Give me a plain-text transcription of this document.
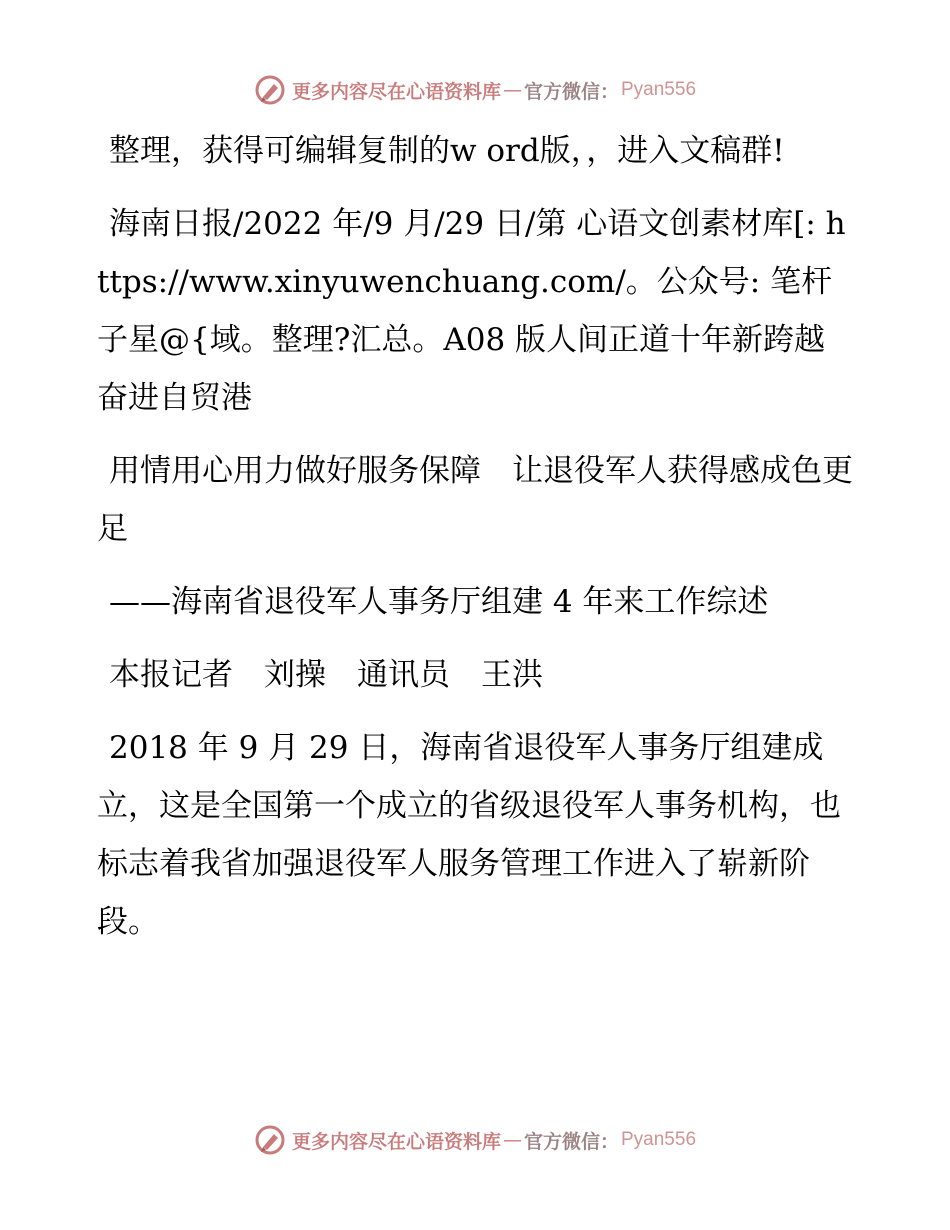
更多内容尽在心语资料库 — 官方微信： Pyan556

整理，获得可编辑复制的w ord版，，进入文稿群!

海南日报/2022 年/9 月/29 日/第 心语文创素材库[: https://www.xinyuwenchuang.com/。公众号: 笔杆子星@{域。整理?汇总。A08 版人间正道十年新跨越 奋进自贸港

用情用心用力做好服务保障　让退役军人获得感成色更足

——海南省退役军人事务厅组建 4 年来工作综述

本报记者　刘操　通讯员　王洪

2018 年 9 月 29 日，海南省退役军人事务厅组建成立，这是全国第一个成立的省级退役军人事务机构，也标志着我省加强退役军人服务管理工作进入了崭新阶段。

更多内容尽在心语资料库 — 官方微信： Pyan556
